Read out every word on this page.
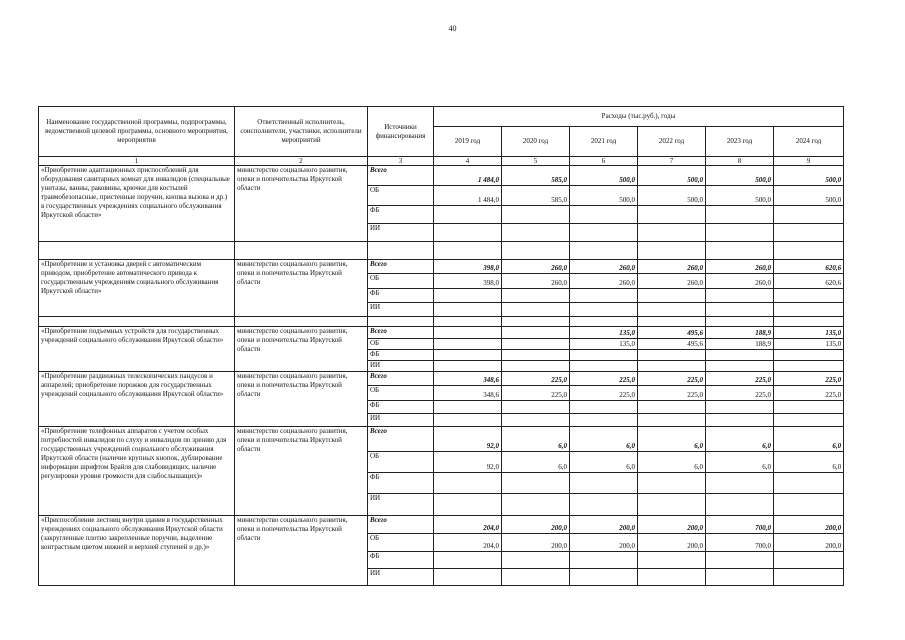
40
Наименование государственной программы, подпрограммы, ведомственной целевой программы, основного мероприятия, мероприятия	Ответственный исполнитель, соисполнители, участники, исполнители мероприятий	Источники финансирования	Расходы (тыс.руб.), годы					
			2019 год	2020 год	2021 год	2022 год	2023 год	2024 год
1	2	3	4	5	6	7	8	9
«Приобретение адаптационных приспособлений для оборудования санитарных комнат для инвалидов (специальные унитазы, ванны, раковины, крючки для костылей травмобезопасные, пристенные поручни, кнопка вызова и др.) в государственных учреждениях социального обслуживания Иркутской области»	министерство социального развития, опеки и попечительства Иркутской области	Всего	1 484,0	585,0	500,0	500,0	500,0	500,0
		ОБ	1 484,0	585,0	500,0	500,0	500,0	500,0
		ФБ						
		ИИ						

«Приобретение и установка дверей с автоматическим приводом, приобретение автоматического привода к государственным учреждениям социального обслуживания Иркутской области»	министерство социального развития, опеки и попечительства Иркутской области	Всего	398,0	260,0	260,0	260,0	260,0	620,6
		ОБ	398,0	260,0	260,0	260,0	260,0	620,6
		ФБ						
		ИИ						

«Приобретение подъемных устройств для государственных учреждений социального обслуживания Иркутской области»	министерство социального развития, опеки и попечительства Иркутской области	Всего			135,0	495,6	188,9	135,0
		ОБ			135,0	495,6	188,9	135,0
		ФБ						
		ИИ						
«Приобретение раздвижных телескопических пандусов и аппарелей; приобретение порожков для государственных учреждений социального обслуживания Иркутской области»	министерство социального развития, опеки и попечительства Иркутской области	Всего	348,6	225,0	225,0	225,0	225,0	225,0
		ОБ	348,6	225,0	225,0	225,0	225,0	225,0
		ФБ						
		ИИ						
«Приобретение телефонных аппаратов с учетом особых потребностей инвалидов по слуху и инвалидов по зрению для государственных учреждений социального обслуживания Иркутской области (наличие крупных кнопок, дублирование информации шрифтом Брайля для слабовидящих, наличие регулировки уровня громкости для слабослышащих)»	министерство социального развития, опеки и попечительства Иркутской области	Всего	92,0	6,0	6,0	6,0	6,0	6,0
		ОБ	92,0	6,0	6,0	6,0	6,0	6,0
		ФБ						
		ИИ						
«Приспособление лестниц внутри здания в государственных учреждениях социального обслуживания Иркутской области (закругленные плотно закрепленные поручни, выделение контрастным цветом нижней и верхней ступеней и др.)»	министерство социального развития, опеки и попечительства Иркутской области	Всего	204,0	200,0	200,0	200,0	700,0	200,0
		ОБ	204,0	200,0	200,0	200,0	700,0	200,0
		ФБ						
		ИИ						
